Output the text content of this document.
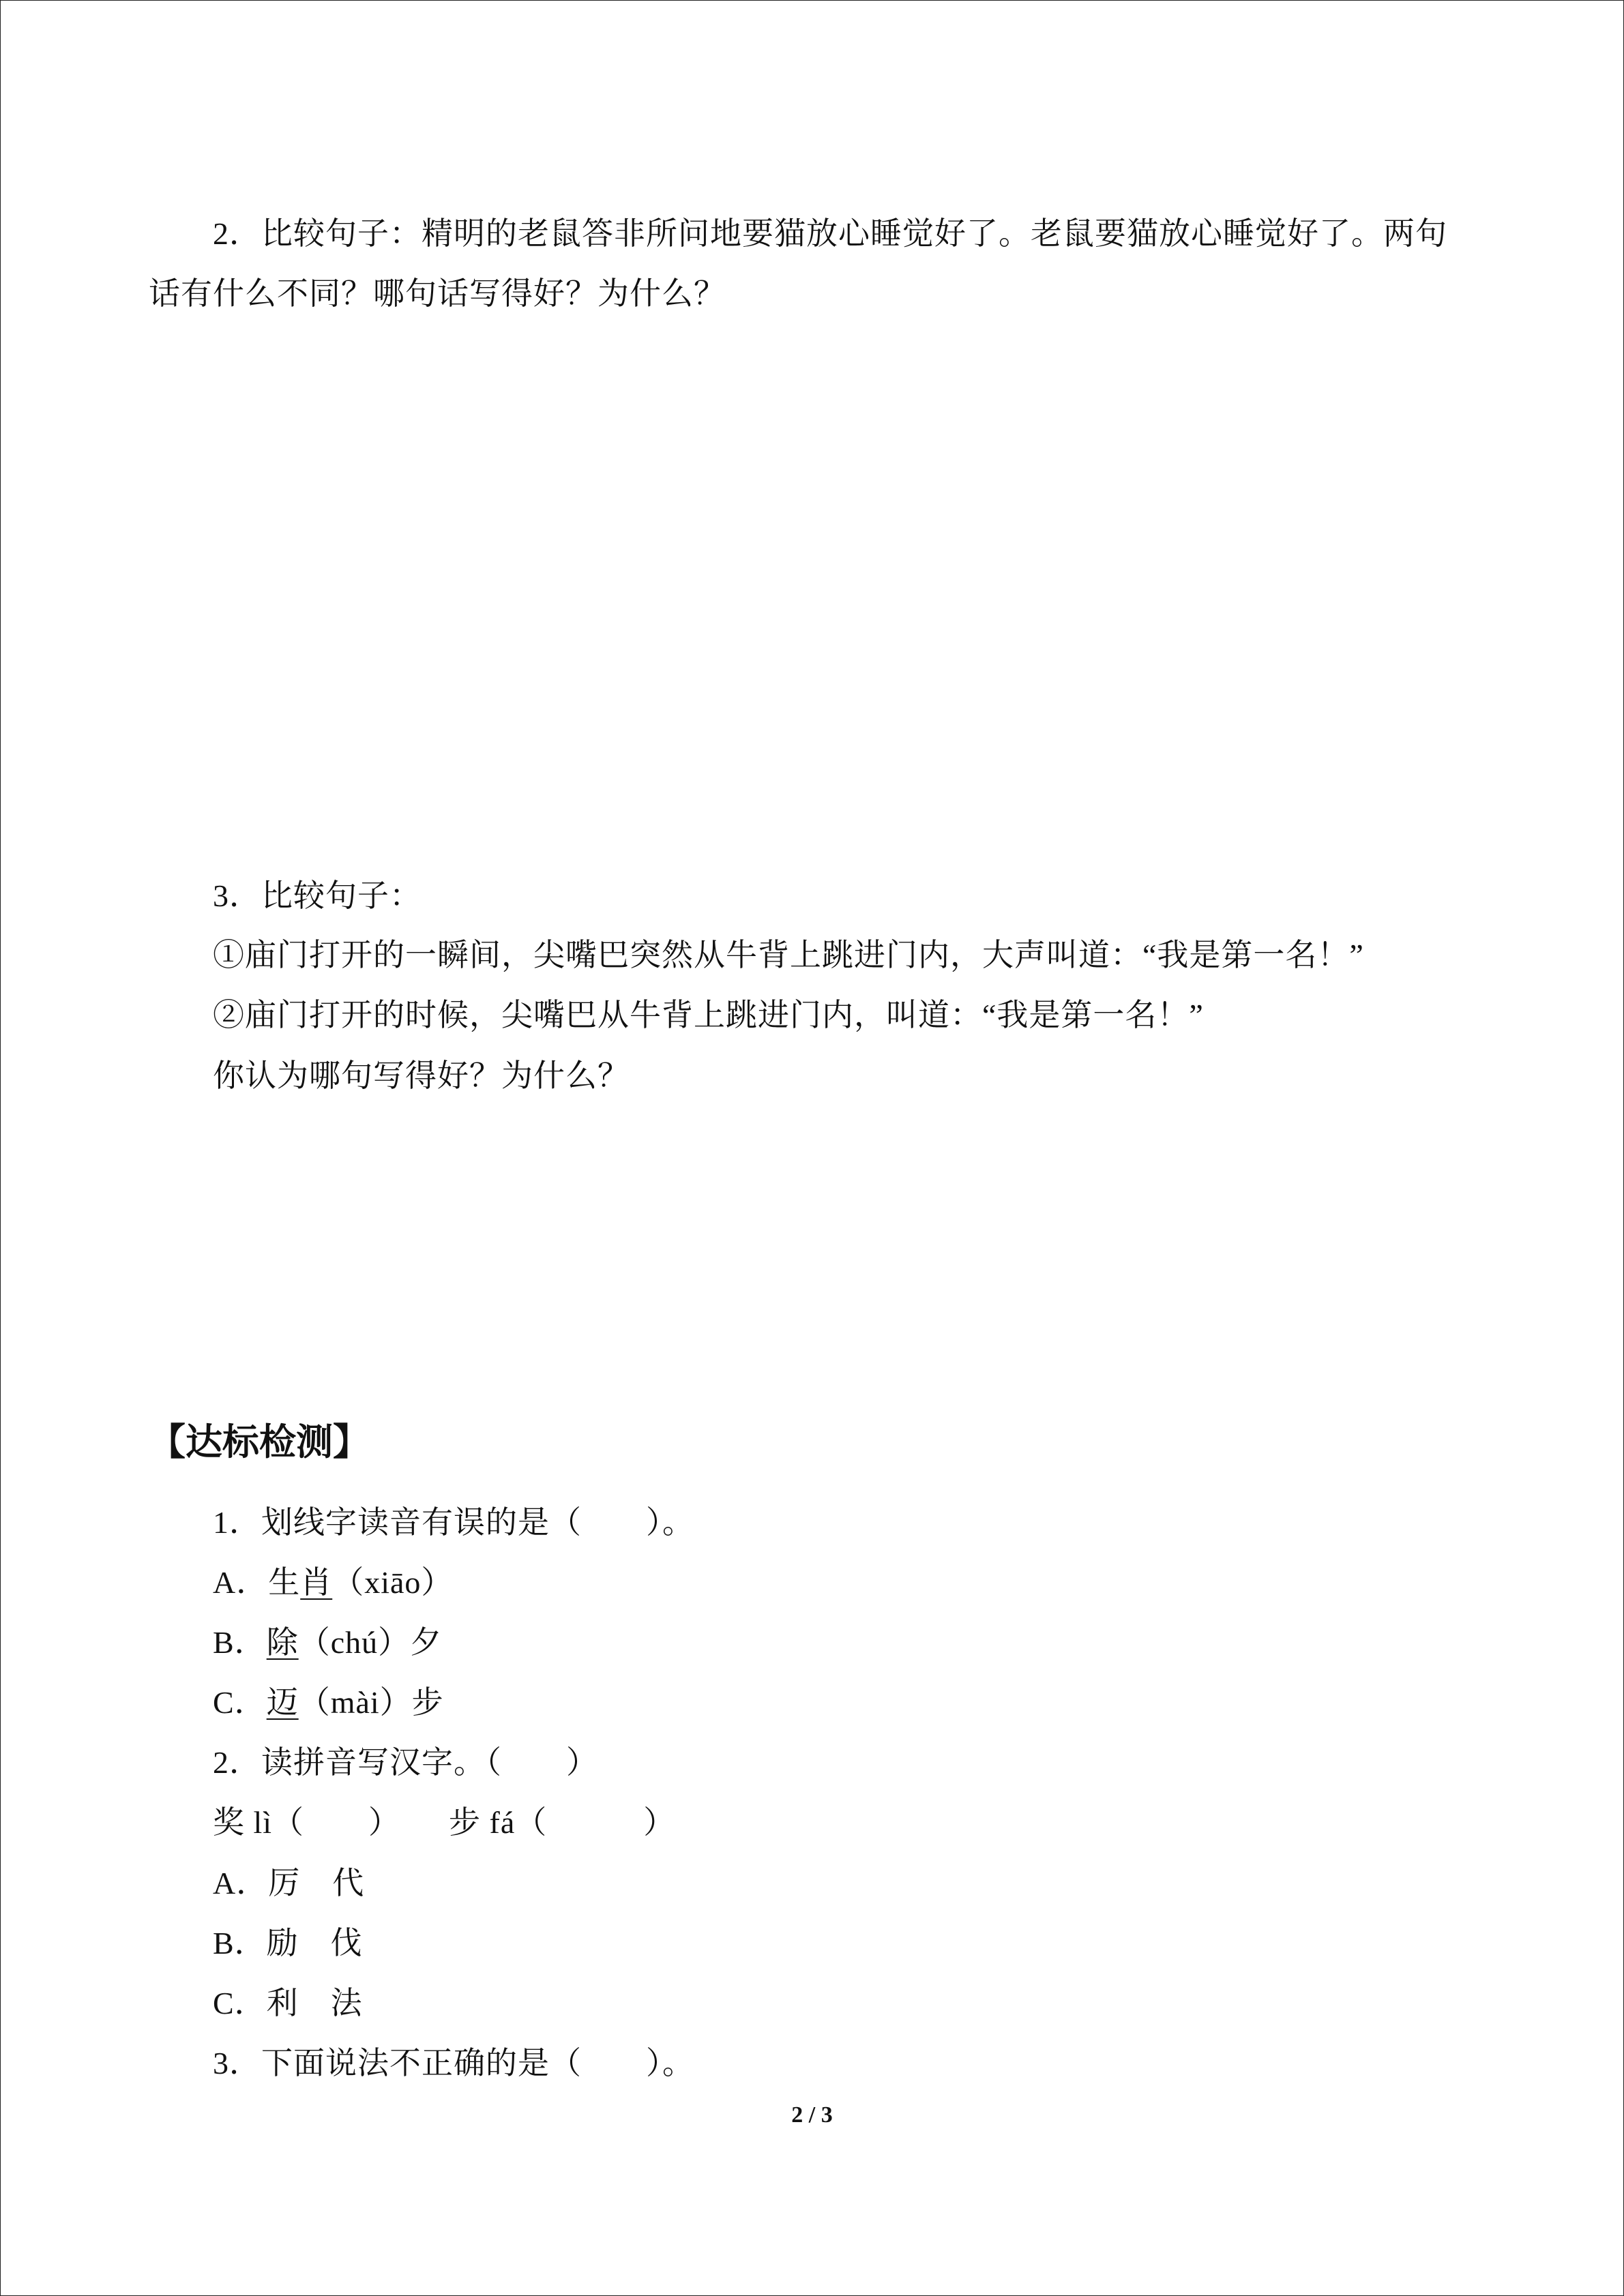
2．比较句子：精明的老鼠答非所问地要猫放心睡觉好了。老鼠要猫放心睡觉好了。两句
话有什么不同？哪句话写得好？为什么？
3．比较句子：
①庙门打开的一瞬间，尖嘴巴突然从牛背上跳进门内，大声叫道：“我是第一名！”
②庙门打开的时候，尖嘴巴从牛背上跳进门内，叫道：“我是第一名！”
你认为哪句写得好？为什么？
【达标检测】
1．划线字读音有误的是（　　）。
A．生肖（xiāo）
B．除（chú）夕
C．迈（mài）步
2．读拼音写汉字。（　　）
奖 lì（　　）　　步 fá（　　　）
A．厉　代
B．励　伐
C．利　法
3．下面说法不正确的是（　　）。
2 / 3
